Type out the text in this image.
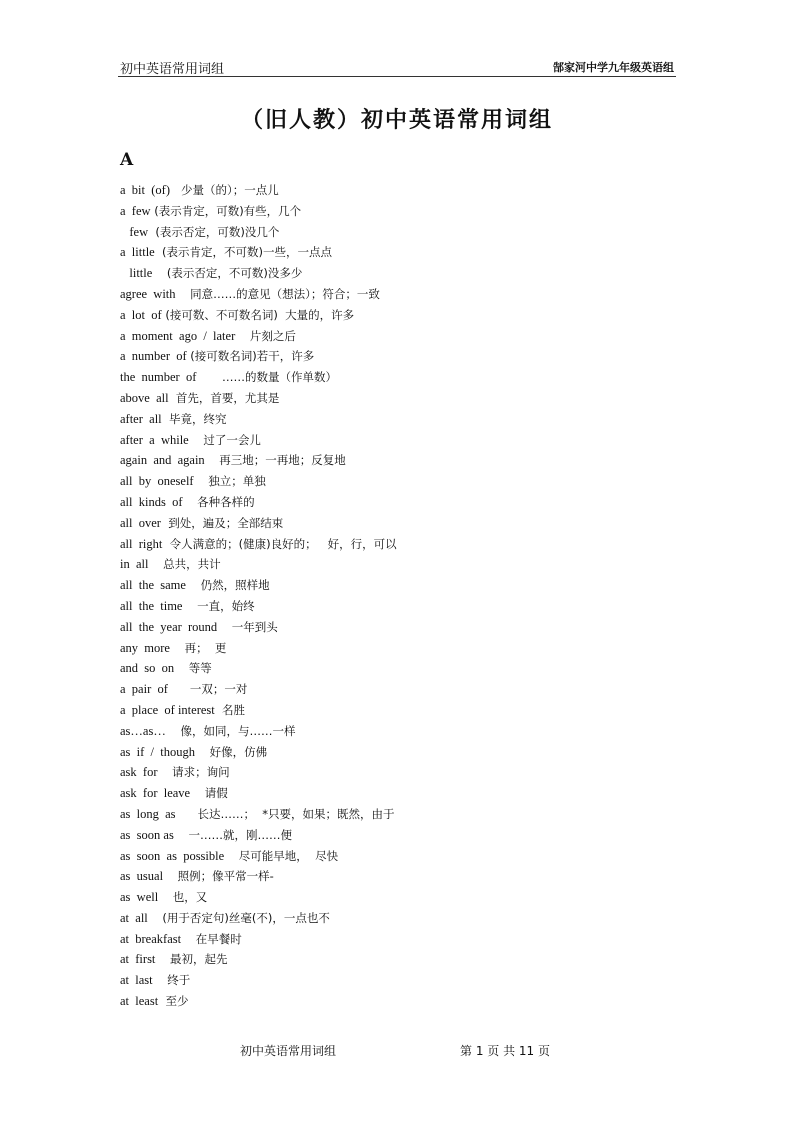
初中英语常用词组	郜家河中学九年级英语组
（旧人教）初中英语常用词组
A
a  bit  (of)   少量（的）；一点儿
a  few (表示肯定，可数)有些，几个
few  (表示否定，可数)没几个
a  little  (表示肯定，不可数)一些，一点点
little    (表示否定，不可数)没多少
agree  with    同意……的意见（想法）；符合；一致
a  lot  of (接可数、不可数名词)  大量的，许多
a  moment  ago  /  later    片刻之后
a  number  of (接可数名词)若干，许多
the  number  of       ……的数量（作单数）
above  all  首先，首要，尤其是
after  all  毕竟，终究
after  a  while    过了一会儿
again  and  again    再三地；一再地；反复地
all  by  oneself    独立；单独
all  kinds  of    各种各样的
all  over  到处，遍及；全部结束
all  right  令人满意的；(健康)良好的；   好，行，可以
in  all    总共，共计
all  the  same    仍然，照样地
all  the  time    一直，始终
all  the  year  round    一年到头
any  more    再；  更
and  so  on    等等
a  pair  of      一双；一对
a  place  of interest  名胜
as…as…    像，如同，与……一样
as  if  /  though    好像，仿佛
ask  for    请求；询问
ask  for  leave    请假
as  long  as      长达……；  *只要，如果；既然，由于
as  soon as    一……就，刚……便
as  soon  as  possible    尽可能早地，  尽快
as  usual    照例；像平常一样-
as  well    也，又
at  all    (用于否定句)丝毫(不)，一点也不
at  breakfast    在早餐时
at  first    最初，起先
at  last    终于
at  least  至少
初中英语常用词组	第 1 页 共 11 页
